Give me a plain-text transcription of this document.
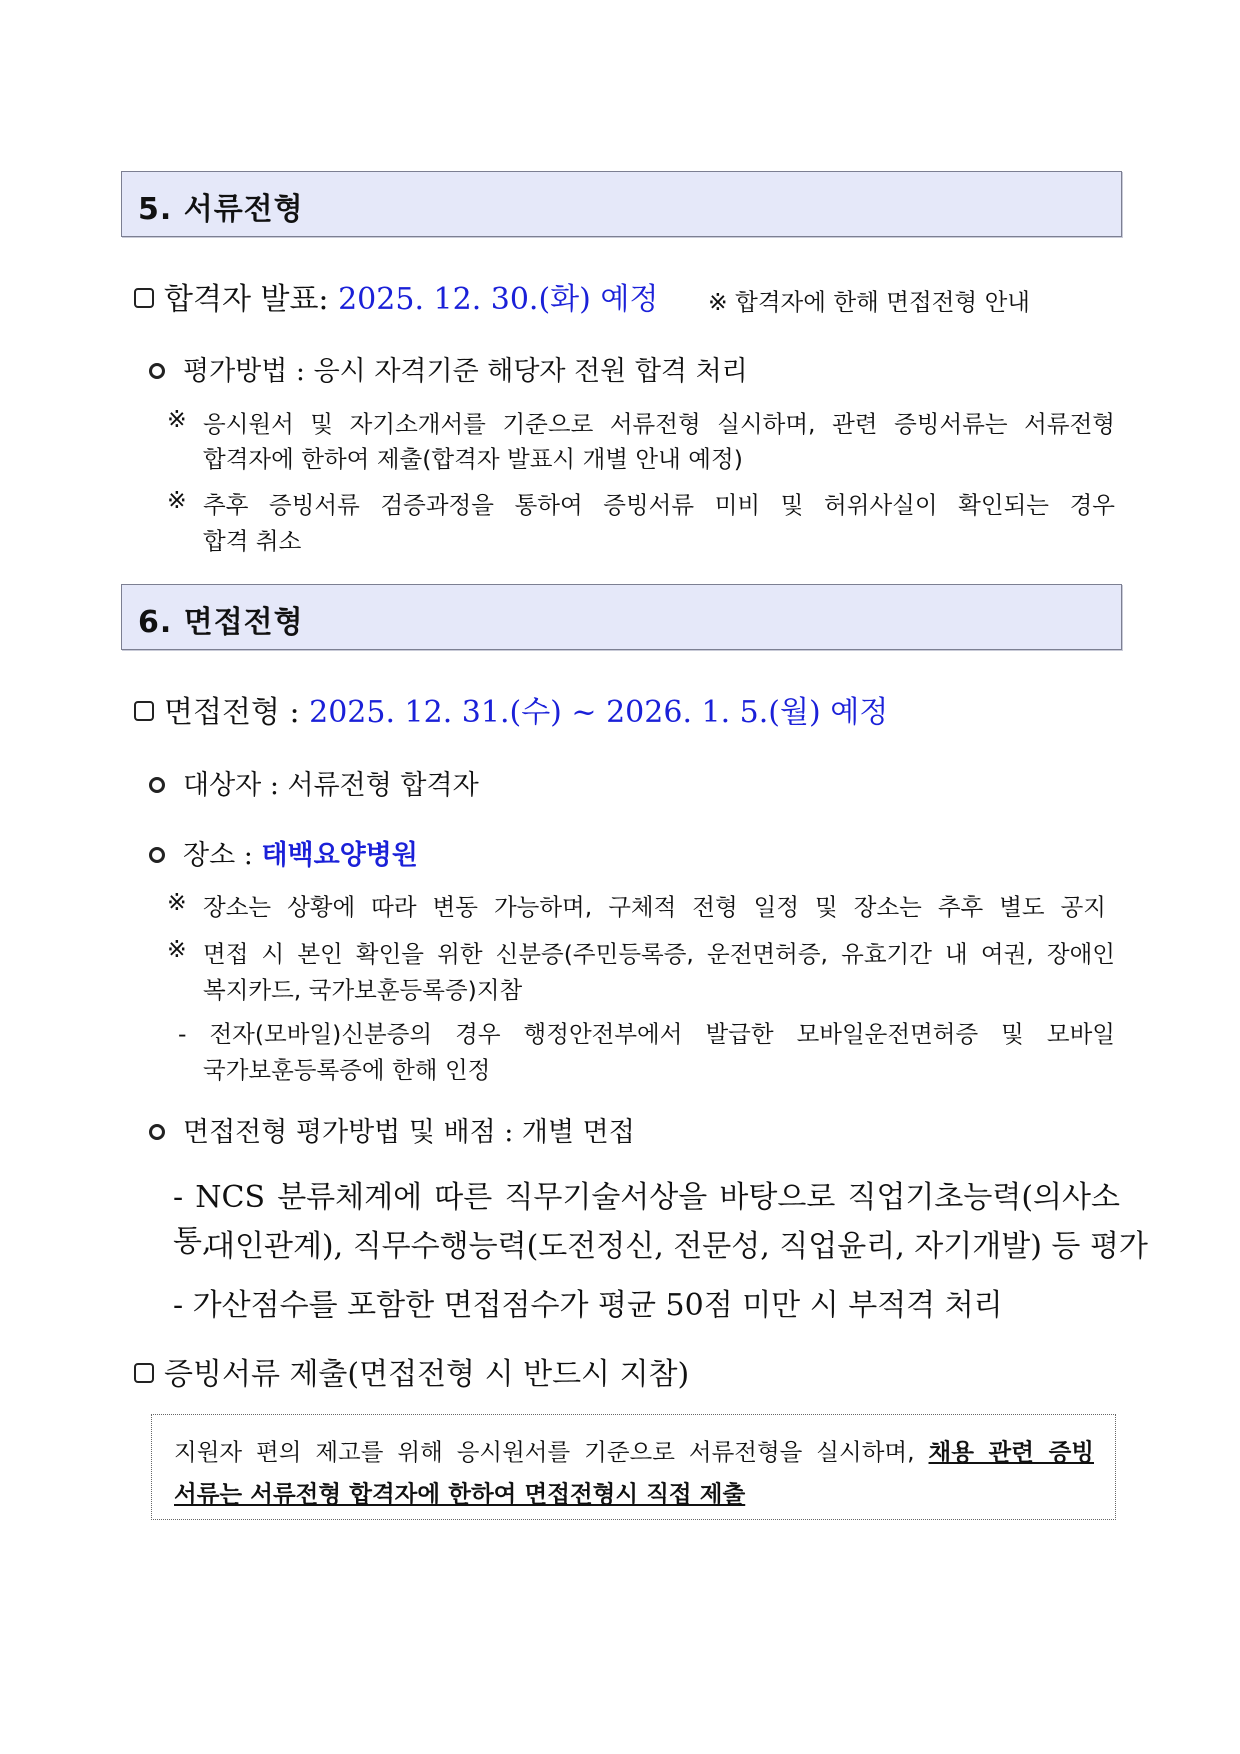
5. 서류전형
합격자 발표: 2025. 12. 30.(화) 예정 ※ 합격자에 한해 면접전형 안내
평가방법 : 응시 자격기준 해당자 전원 합격 처리
※ 응시원서 및 자기소개서를 기준으로 서류전형 실시하며, 관련 증빙서류는 서류전형
합격자에 한하여 제출(합격자 발표시 개별 안내 예정)
※ 추후 증빙서류 검증과정을 통하여 증빙서류 미비 및 허위사실이 확인되는 경우
합격 취소
6. 면접전형
면접전형 : 2025. 12. 31.(수) ~ 2026. 1. 5.(월) 예정
대상자 : 서류전형 합격자
장소 : 태백요양병원
※ 장소는 상황에 따라 변동 가능하며, 구체적 전형 일정 및 장소는 추후 별도 공지
※ 면접 시 본인 확인을 위한 신분증(주민등록증, 운전면허증, 유효기간 내 여권, 장애인
복지카드, 국가보훈등록증)지참
- 전자(모바일)신분증의 경우 행정안전부에서 발급한 모바일운전면허증 및 모바일
국가보훈등록증에 한해 인정
면접전형 평가방법 및 배점 : 개별 면접
- NCS 분류체계에 따른 직무기술서상을 바탕으로 직업기초능력(의사소통,
대인관계), 직무수행능력(도전정신, 전문성, 직업윤리, 자기개발) 등 평가
- 가산점수를 포함한 면접점수가 평균 50점 미만 시 부적격 처리
증빙서류 제출(면접전형 시 반드시 지참)
지원자 편의 제고를 위해 응시원서를 기준으로 서류전형을 실시하며, 채용 관련 증빙
서류는 서류전형 합격자에 한하여 면접전형시 직접 제출
